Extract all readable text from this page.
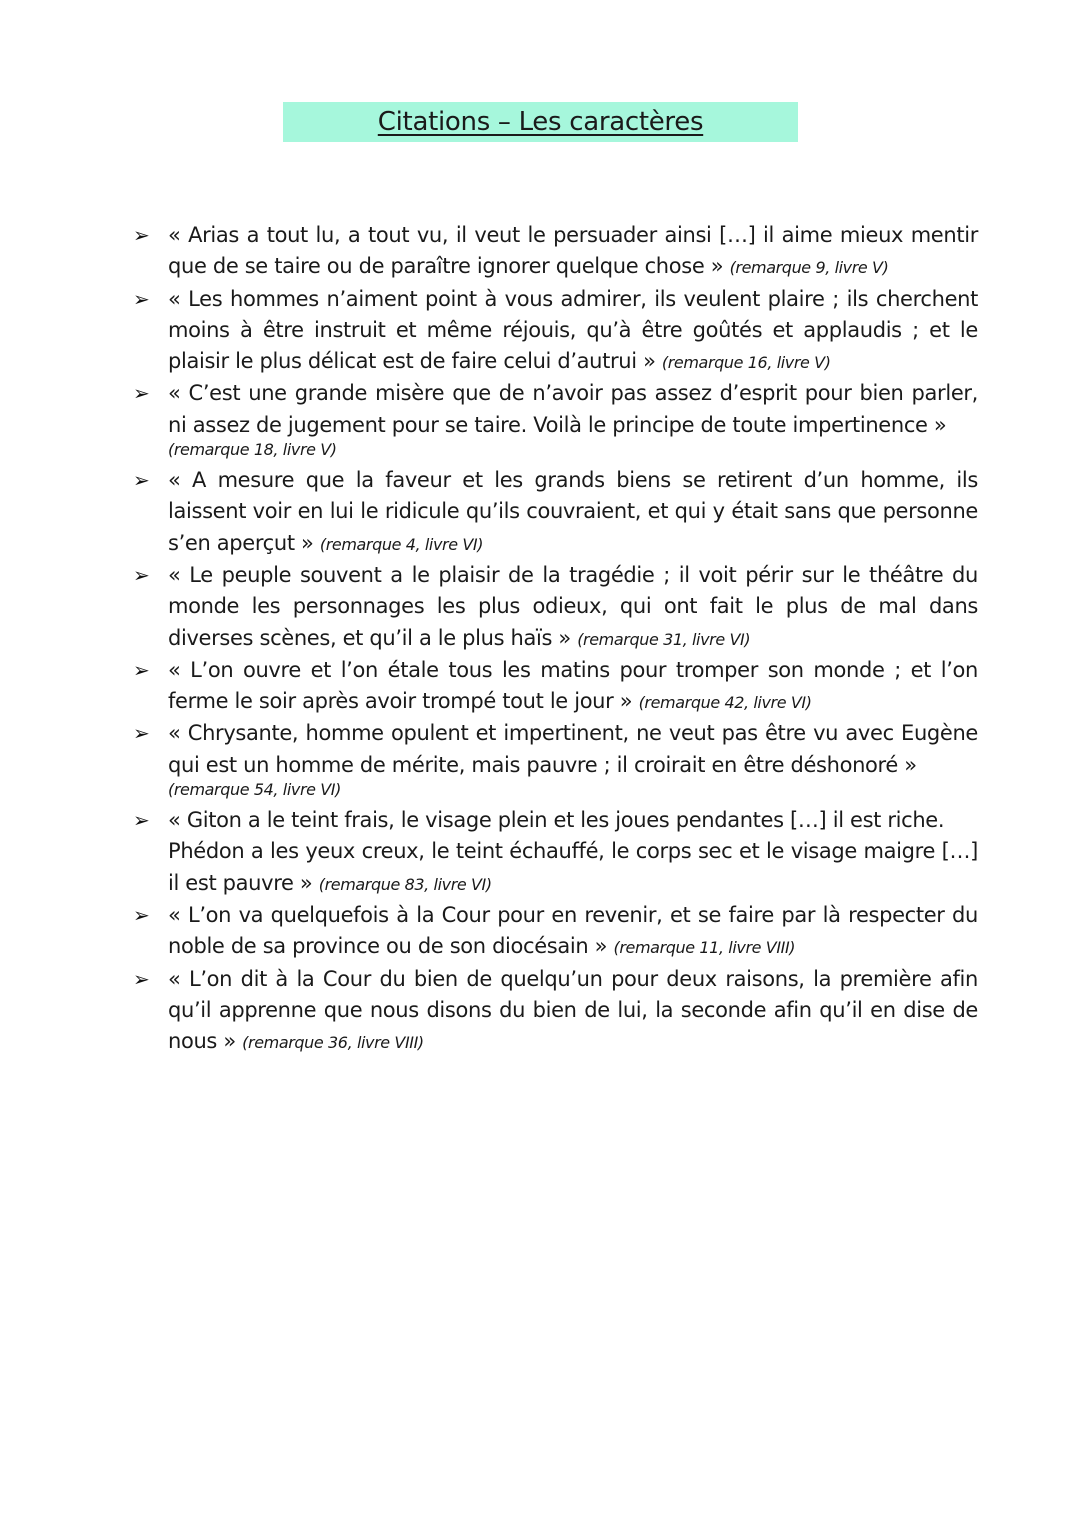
Citations – Les caractères
➢ « Arias a tout lu, a tout vu, il veut le persuader ainsi […] il aime mieux mentir que de se taire ou de paraître ignorer quelque chose » (remarque 9, livre V)
➢ « Les hommes n’aiment point à vous admirer, ils veulent plaire ; ils cherchent moins à être instruit et même réjouis, qu’à être goûtés et applaudis ; et le plaisir le plus délicat est de faire celui d’autrui » (remarque 16, livre V)
➢ « C’est une grande misère que de n’avoir pas assez d’esprit pour bien parler, ni assez de jugement pour se taire. Voilà le principe de toute impertinence »
(remarque 18, livre V)
➢ « A mesure que la faveur et les grands biens se retirent d’un homme, ils laissent voir en lui le ridicule qu’ils couvraient, et qui y était sans que personne s’en aperçut » (remarque 4, livre VI)
➢ « Le peuple souvent a le plaisir de la tragédie ; il voit périr sur le théâtre du monde les personnages les plus odieux, qui ont fait le plus de mal dans diverses scènes, et qu’il a le plus haïs » (remarque 31, livre VI)
➢ « L’on ouvre et l’on étale tous les matins pour tromper son monde ; et l’on ferme le soir après avoir trompé tout le jour » (remarque 42, livre VI)
➢ « Chrysante, homme opulent et impertinent, ne veut pas être vu avec Eugène qui est un homme de mérite, mais pauvre ; il croirait en être déshonoré »
(remarque 54, livre VI)
➢ « Giton a le teint frais, le visage plein et les joues pendantes […] il est riche.
Phédon a les yeux creux, le teint échauffé, le corps sec et le visage maigre […] il est pauvre » (remarque 83, livre VI)
➢ « L’on va quelquefois à la Cour pour en revenir, et se faire par là respecter du noble de sa province ou de son diocésain » (remarque 11, livre VIII)
➢ « L’on dit à la Cour du bien de quelqu’un pour deux raisons, la première afin qu’il apprenne que nous disons du bien de lui, la seconde afin qu’il en dise de nous » (remarque 36, livre VIII)
